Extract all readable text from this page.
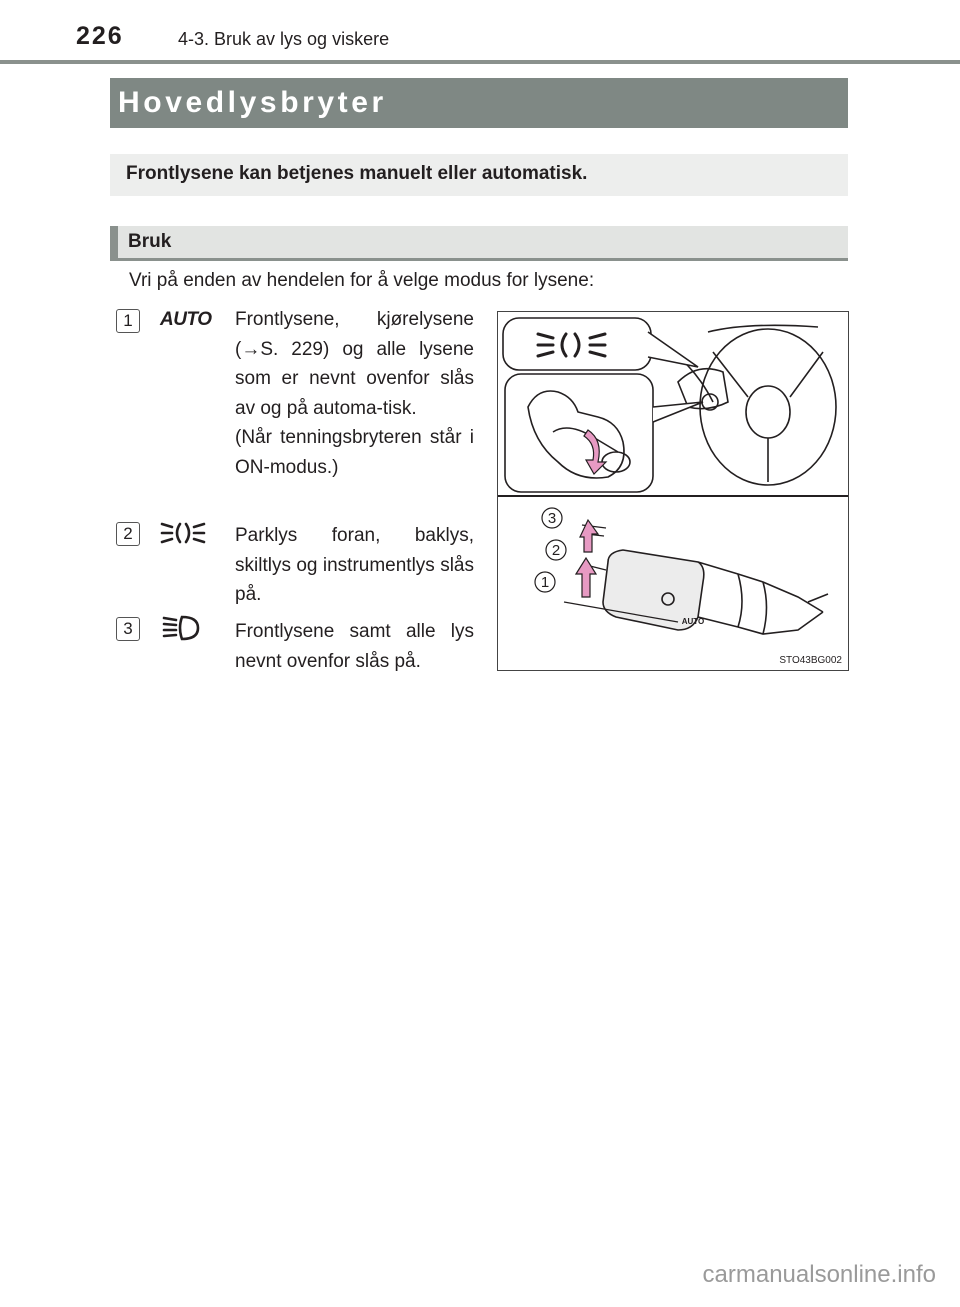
226	4-3. Bruk av lys og viskere
Hovedlysbryter
Frontlysene kan betjenes manuelt eller automatisk.
Bruk
Vri på enden av hendelen for å velge modus for lysene:
1	AUTO Frontlysene, kjørelysene (→S. 229) og alle lysene som er nevnt ovenfor slås av og på automa-tisk.

(Når tenningsbryteren står i ON-modus.)

2	Parklys foran, baklys, skiltlys og instrumentlys slås på.
3	Frontlysene samt alle lys nevnt ovenfor slås på.
3
2
1
AUTO
STO43BG002
carmanualsonline.info
